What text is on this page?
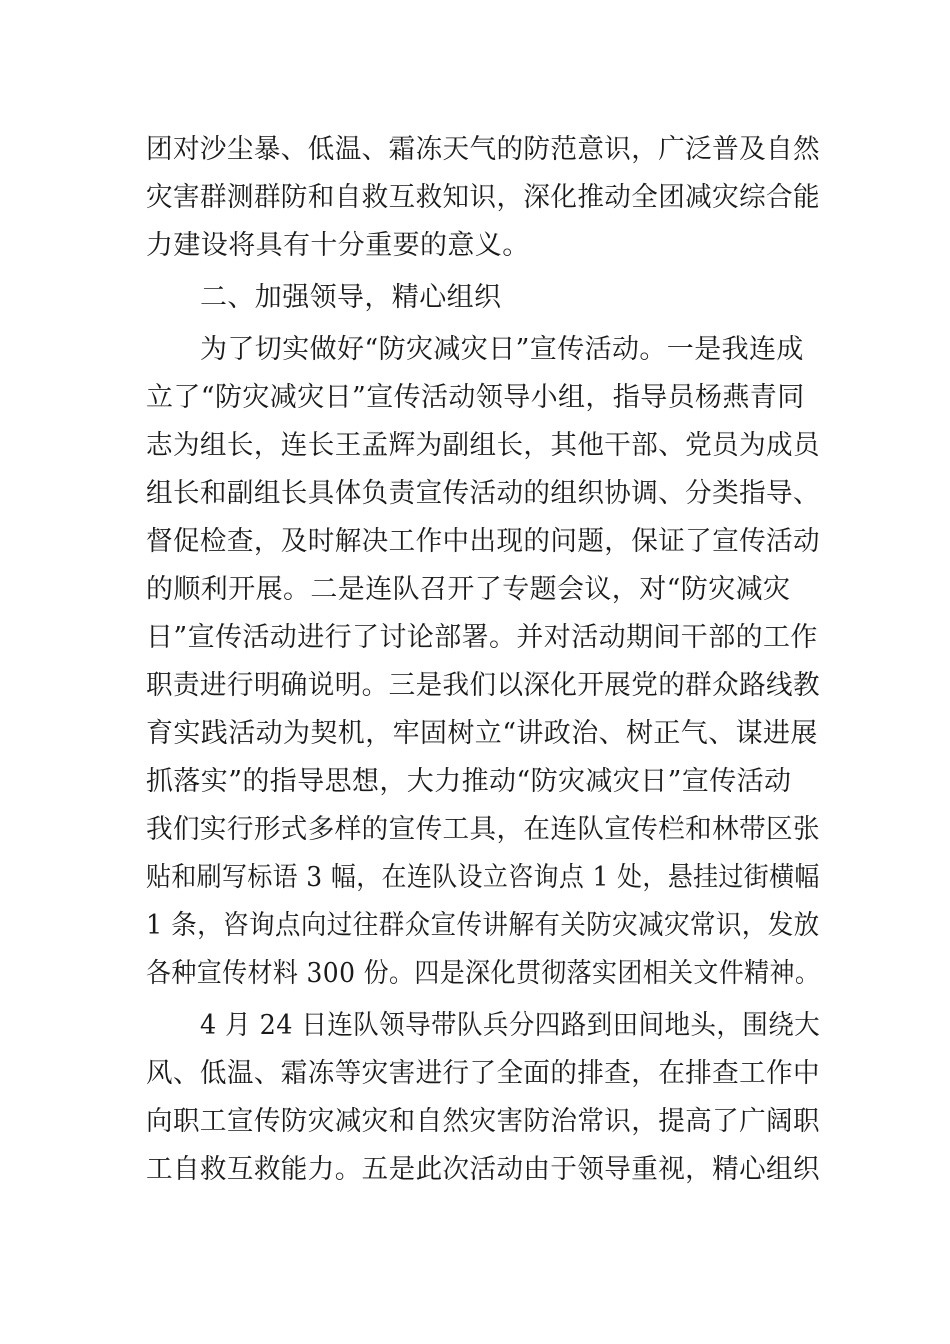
团对沙尘暴、低温、霜冻天气的防范意识，广泛普及自然
灾害群测群防和自救互救知识，深化推动全团减灾综合能
力建设将具有十分重要的意义。
二、加强领导，精心组织
为了切实做好“防灾减灾日”宣传活动。一是我连成
立了“防灾减灾日”宣传活动领导小组，指导员杨燕青同
志为组长，连长王孟辉为副组长，其他干部、党员为成员
组长和副组长具体负责宣传活动的组织协调、分类指导、
督促检查，及时解决工作中出现的问题，保证了宣传活动
的顺利开展。二是连队召开了专题会议，对“防灾减灾
日”宣传活动进行了讨论部署。并对活动期间干部的工作
职责进行明确说明。三是我们以深化开展党的群众路线教
育实践活动为契机，牢固树立“讲政治、树正气、谋进展
抓落实”的指导思想，大力推动“防灾减灾日”宣传活动
我们实行形式多样的宣传工具，在连队宣传栏和林带区张
贴和刷写标语 3 幅，在连队设立咨询点 1 处，悬挂过街横幅
1 条，咨询点向过往群众宣传讲解有关防灾减灾常识，发放
各种宣传材料 300 份。四是深化贯彻落实团相关文件精神。
4 月 24 日连队领导带队兵分四路到田间地头，围绕大
风、低温、霜冻等灾害进行了全面的排查，在排查工作中
向职工宣传防灾减灾和自然灾害防治常识，提高了广阔职
工自救互救能力。五是此次活动由于领导重视，精心组织
